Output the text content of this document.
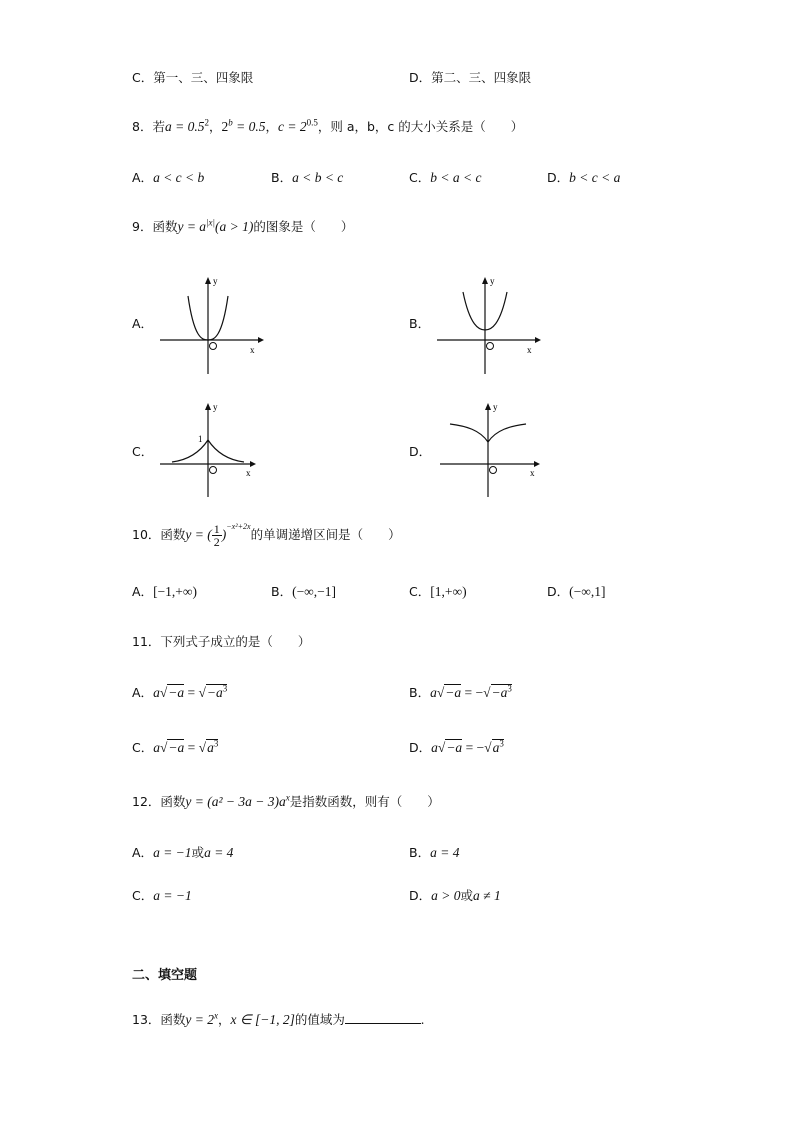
C．第一、三、四象限	D．第二、三、四象限
8．若$a = 0.5^2$，$2^b = 0.5$，$c = 2^{0.5}$，则 a，b，c 的大小关系是（　　）
A．a < c < b	B．a < b < c	C．b < a < c	D．b < c < a
9．函数$y = a^{|x|}(a > 1)$的图象是（　　）
A．	B．
C．	D．
y
x
y
x
1
y
x
y
x
10．函数y = ( $\frac{1}{2} )^{-x^2+2x}$的单调递增区间是（　　）
A．[−1,+∞)	B．(−∞,−1]	C．[1,+∞)	D．(−∞,1]
11．下列式子成立的是（　　）
A．$a√-a = √-a^3$	B．$a√-a = -√-a^3$
C．$a√-a = √a^3$	D．$a√-a = -√a^3$
12．函数$y = (a^2 - 3a - 3)a^x$是指数函数，则有（　　）
A．a = −1或a = 4	B．a = 4
C．a = −1	D．a > 0或a ≠ 1
二、填空题
13．函数$y = 2^x$，x ∈ [−1, 2]的值域为	.
